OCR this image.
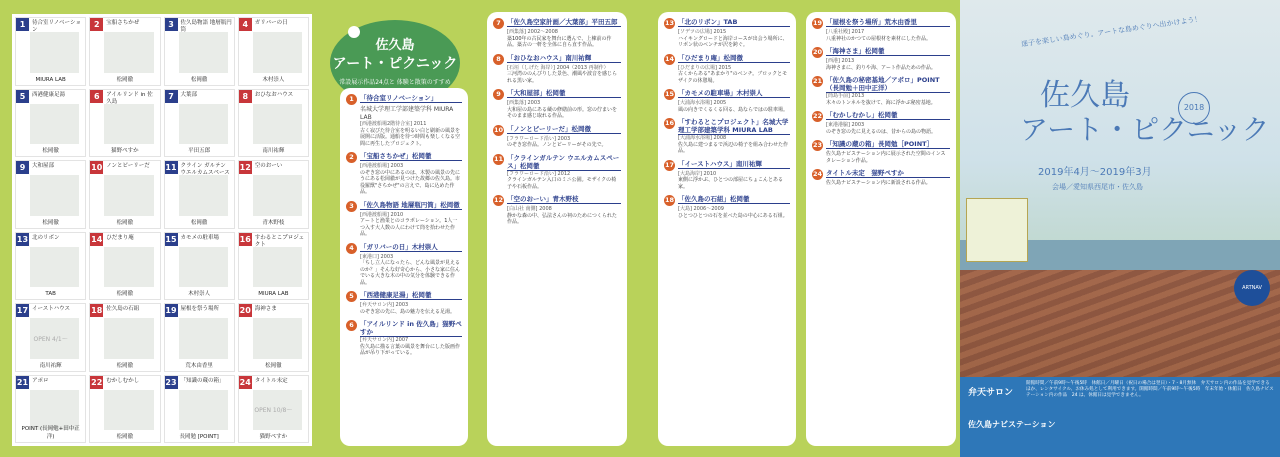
1	待合室リノベーション
MIURA LAB
2	宝船さちかぜ
松岡徹
3	佐久島物語 地層瓶円筒
松岡徹
4	ガリバーの日
木村崇人
5	西港健康足湯
松岡徹
6	アイルリンド in 佐久島
猫野ぺすか
7	大葉部
平田五郎
8	おひなおハウス
南川祐輝
9	大和屋部
松岡徹
10 ノンとピーリーだ
松岡徹
11 クライン ガルテン ウエルカムスペース
松岡徹
12 空のおーい
青木野枝
13 北のリボン
TAB
14 ひだまり庵
松岡徹
15 カモメの駐車場
木村崇人
16 すわるとこプロジェクト
MIURA LAB
17 イーストハウス
OPEN 4/1～
南川祐輝
18 佐久島の石組
松岡徹
19 屋根を祭う場所
荒木由香里
20 海神さま
松岡徹
21 アポロ
POINT (長岡勉+田中正洋)
22 むかしむかし
松岡徹
23 「知識の蔵の箱」
長岡勉 [POINT]
24 タイトル未定
OPEN 10/8～
猫野ぺすか
佐久島
アート・ピクニック
常設展示作品24点と 体験と散策のすすめ
1 「待合室リノベーション」
名城大学理工学部建築学科 MIURA LAB
[西港渡船場2階待合室] 2011
古く寂びた待合室を明るい白と刷新の風景を展開に活版。通船を待つ時間も楽しくなる空間に再生したプロジェクト。
2 「宝船さちかぜ」松岡徹
[西港渡船場] 2003
のぞき窓の中にあるのは、木製の風景の先にうにある松岡徹が見つけた故郷の佐久島。市役羅獣"さちかぜ"の言えで、島に込めた作品。
3 「佐久島物語 地層瓶円筒」松岡徹
[西港渡船場] 2010
アートと漁業とのコラボレーション。1人一つ入す大人数の人にわけて筒を拾わせた作品。
4 「ガリバーの日」木村崇人
[東港口] 2003
「ちし立人になったら、どんな風景が見えるのか？」そんな好奇心から、小さな家に住んでいる大きな木の中の気分を体験できる作品。
5 「西港健康足湯」松岡徹
[弁天サロン内] 2003
のぞき窓の先に、島の魅力を伝える足湯。
6 「アイルリンド in 佐久島」猫野ぺすか
[弁天サロン内] 2007
佐久島に描る言葉の風景を舞台にした版画作品が吊り下がっている。
7 「佐久島空家計画／大葉部」平田五郎
[西集落] 2002～2008
築100年の古民家を舞台に選んで、上棟前の作品。築古の一軒を全体に自ら直す作品。
8 「おひなおハウス」南川祐輝
[石垣（しげた 海岸）] 2004（2013 再制作）
三河湾ののんびりした景色、潮風や波音を感じられる黒い家。
9 「大和屋部」松岡徹
[西集落] 2003
大和屋の島にある蔵の修繕前の形。窓の佇まいをそのまま感じ取れる作品。
10 「ノンとピーリーだ」松岡徹
[フラワーロード沿い] 2003
のぞき窓作品。ノンとピーリーがその先で。
11 「クラインガルテン ウエルカムスペース」松岡徹
[フラワーロード沿い] 2012
クラインガルテン入口のミニ公園。モザイクの椅子や石板作品。
12 「空のおーい」青木野枝
[白山社 南側] 2008
静かな森の中、弘法さんの祠のためにつくられた作品。
13 「北のリボン」TAB
[ソデツの広場] 2015
ハイキングロードと海岸コースが出会う場所に、リボン状のベンチが沢を跨ぐ。
14 「ひだまり庵」松岡徹
[ひだまりの広場] 2015
古くからある"あまかり"のベンチ。ブロックとモザイクの休憩場。
15 「カモメの駐車場」木村崇人
[大浦海水浴場] 2005
風の向きでくるくる回る、島ならではの駐車場。
16 「すわるとこプロジェクト」名城大学理工学部建築学科 MIURA LAB
[大浦海水浴場] 2008
佐久島に建つまるで浜辺の椅子を組み合わせた作品。
17 「イーストハウス」南川祐輝
[大島海岸] 2010
東側に浮かぶ、ひとつの部屋にちょこんとある家。
18 「佐久島の石組」松岡徹
[大島] 2006～2009
ひとつひとつの石を並べた島の中心にある石組。
19 「屋根を祭う場所」荒木由香里
[八重社殿] 2017
八重神社のかつての屋根材を素材にした作品。
20 「海神さま」松岡徹
[西港] 2013
海神さまに、釣りや海、アート作品ための作品。
21 「佐久島の秘密基地／アポロ」POINT（長岡勉＋田中正洋）
[筒島手前] 2013
木々のトンネルを抜けて、海に浮かぶ秘密基地。
22 「むかしむかし」松岡徹
[東港港脇] 2003
のぞき窓の先に見えるのは、昔からの島の物語。
23 「知識の蔵の箱」長岡勉［POINT］
佐久島ナビステーション内に展示された空間のインスタレーション作品。
24 タイトル未定　猫野ぺすか
佐久島ナビステーション内に新設される作品。
迷子を楽しい島めぐり。アートな島めぐりへ出かけよう！
佐久島	2018
アート・ピクニック
2019年4月～2019年3月
会場／愛知県西尾市・佐久島
ARTNAV
弁天サロン
佐久島ナビステーション
開館時間／午前9時～午後5時　休館日／月曜日（祝日の場合は翌日）・7・8月無休　弁天サロン内の作品を見学できるほか、レンタサイクル、お休み処として利用できます。開館時間／午前9時～午後5時　年末年始・休館日　佐久島ナビステーション内の作品　24 は、休館日は見学できません。
